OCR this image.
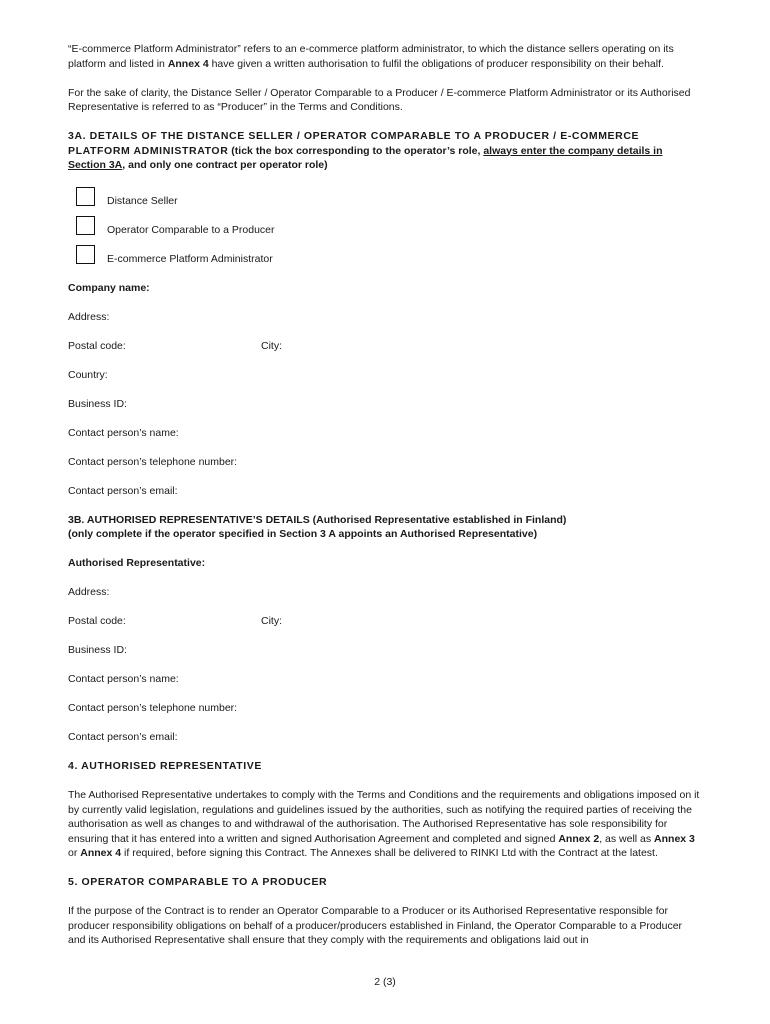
“E-commerce Platform Administrator” refers to an e-commerce platform administrator, to which the distance sellers operating on its platform and listed in Annex 4 have given a written authorisation to fulfil the obligations of producer responsibility on their behalf.

For the sake of clarity, the Distance Seller / Operator Comparable to a Producer / E-commerce Platform Administrator or its Authorised Representative is referred to as “Producer” in the Terms and Conditions.

3A. DETAILS OF THE DISTANCE SELLER / OPERATOR COMPARABLE TO A PRODUCER / E-COMMERCE PLATFORM ADMINISTRATOR (tick the box corresponding to the operator’s role, always enter the company details in Section 3A, and only one contract per operator role)

Distance Seller
Operator Comparable to a Producer
E-commerce Platform Administrator
Company name:
Address:
Postal code:	City:
Country:
Business ID:
Contact person’s name:
Contact person’s telephone number:
Contact person’s email:

3B. AUTHORISED REPRESENTATIVE’S DETAILS (Authorised Representative established in Finland)
(only complete if the operator specified in Section 3 A appoints an Authorised Representative)

Authorised Representative:
Address:
Postal code:	City:
Business ID:
Contact person’s name:
Contact person’s telephone number:
Contact person’s email:

4. AUTHORISED REPRESENTATIVE

The Authorised Representative undertakes to comply with the Terms and Conditions and the requirements and obligations imposed on it by currently valid legislation, regulations and guidelines issued by the authorities, such as notifying the required parties of receiving the authorisation as well as changes to and withdrawal of the authorisation. The Authorised Representative has sole responsibility for ensuring that it has entered into a written and signed Authorisation Agreement and completed and signed Annex 2, as well as Annex 3 or Annex 4 if required, before signing this Contract. The Annexes shall be delivered to RINKI Ltd with the Contract at the latest.

5. OPERATOR COMPARABLE TO A PRODUCER

If the purpose of the Contract is to render an Operator Comparable to a Producer or its Authorised Representative responsible for producer responsibility obligations on behalf of a producer/producers established in Finland, the Operator Comparable to a Producer and its Authorised Representative shall ensure that they comply with the requirements and obligations laid out in

2 (3)
